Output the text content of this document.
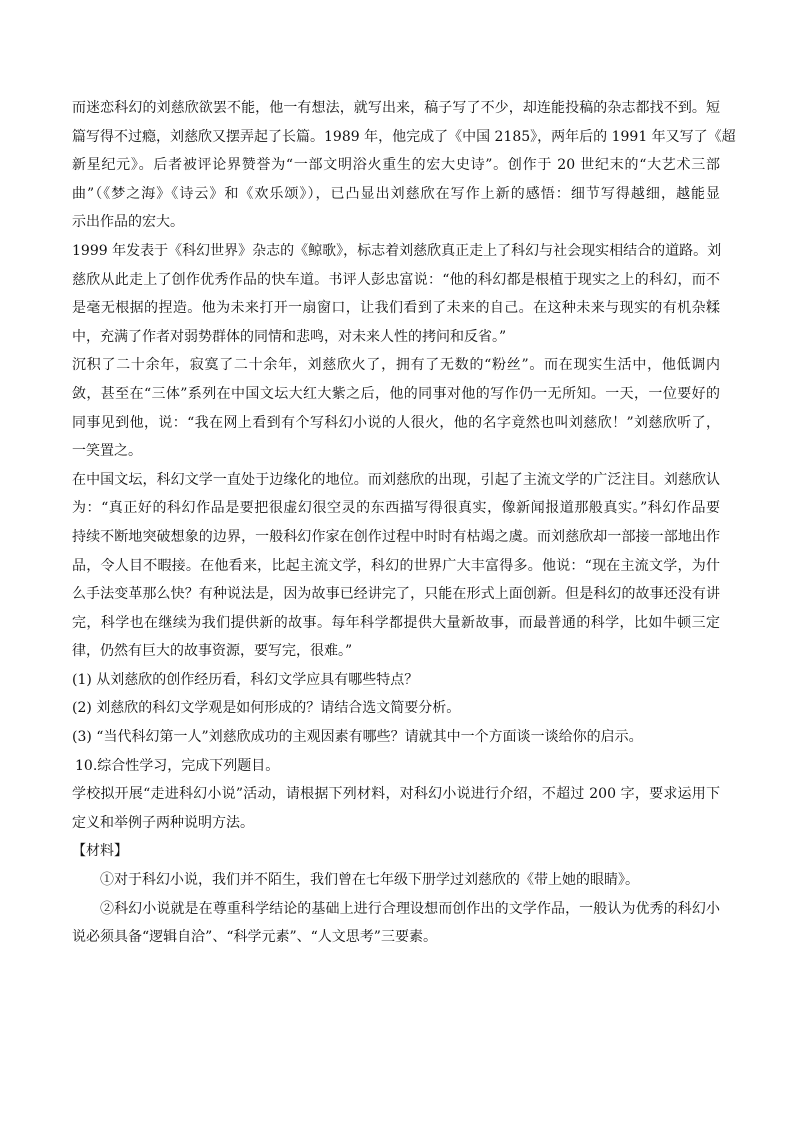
而迷恋科幻的刘慈欣欲罢不能，他一有想法，就写出来，稿子写了不少，却连能投稿的杂志都找不到。短
篇写得不过瘾，刘慈欣又摆弄起了长篇。1989 年，他完成了《中国 2185》，两年后的 1991 年又写了《超
新星纪元》。后者被评论界赞誉为“一部文明浴火重生的宏大史诗”。创作于 20 世纪末的“大艺术三部
曲”（《梦之海》《诗云》和《欢乐颂》），已凸显出刘慈欣在写作上新的感悟：细节写得越细，越能显
示出作品的宏大。
1999 年发表于《科幻世界》杂志的《鲸歌》，标志着刘慈欣真正走上了科幻与社会现实相结合的道路。刘
慈欣从此走上了创作优秀作品的快车道。书评人彭忠富说：“他的科幻都是根植于现实之上的科幻，而不
是毫无根据的捏造。他为未来打开一扇窗口，让我们看到了未来的自己。在这种未来与现实的有机杂糅
中，充满了作者对弱势群体的同情和悲鸣，对未来人性的拷问和反省。”
沉积了二十余年，寂寞了二十余年，刘慈欣火了，拥有了无数的“粉丝”。而在现实生活中，他低调内
敛，甚至在“三体”系列在中国文坛大红大紫之后，他的同事对他的写作仍一无所知。一天，一位要好的
同事见到他，说：“我在网上看到有个写科幻小说的人很火，他的名字竟然也叫刘慈欣！”刘慈欣听了，
一笑置之。
在中国文坛，科幻文学一直处于边缘化的地位。而刘慈欣的出现，引起了主流文学的广泛注目。刘慈欣认
为：“真正好的科幻作品是要把很虚幻很空灵的东西描写得很真实，像新闻报道那般真实。”科幻作品要
持续不断地突破想象的边界，一般科幻作家在创作过程中时时有枯竭之虞。而刘慈欣却一部接一部地出作
品，令人目不暇接。在他看来，比起主流文学，科幻的世界广大丰富得多。他说：“现在主流文学，为什
么手法变革那么快？有种说法是，因为故事已经讲完了，只能在形式上面创新。但是科幻的故事还没有讲
完，科学也在继续为我们提供新的故事。每年科学都提供大量新故事，而最普通的科学，比如牛顿三定
律，仍然有巨大的故事资源，要写完，很难。”
(1) 从刘慈欣的创作经历看，科幻文学应具有哪些特点？
(2) 刘慈欣的科幻文学观是如何形成的？请结合选文简要分析。
(3) “当代科幻第一人”刘慈欣成功的主观因素有哪些？请就其中一个方面谈一谈给你的启示。
10.综合性学习，完成下列题目。
学校拟开展“走进科幻小说”活动，请根据下列材料，对科幻小说进行介绍，不超过 200 字，要求运用下
定义和举例子两种说明方法。
【材料】
①对于科幻小说，我们并不陌生，我们曾在七年级下册学过刘慈欣的《带上她的眼睛》。
②科幻小说就是在尊重科学结论的基础上进行合理设想而创作出的文学作品，一般认为优秀的科幻小
说必须具备“逻辑自洽”、“科学元素”、“人文思考”三要素。
